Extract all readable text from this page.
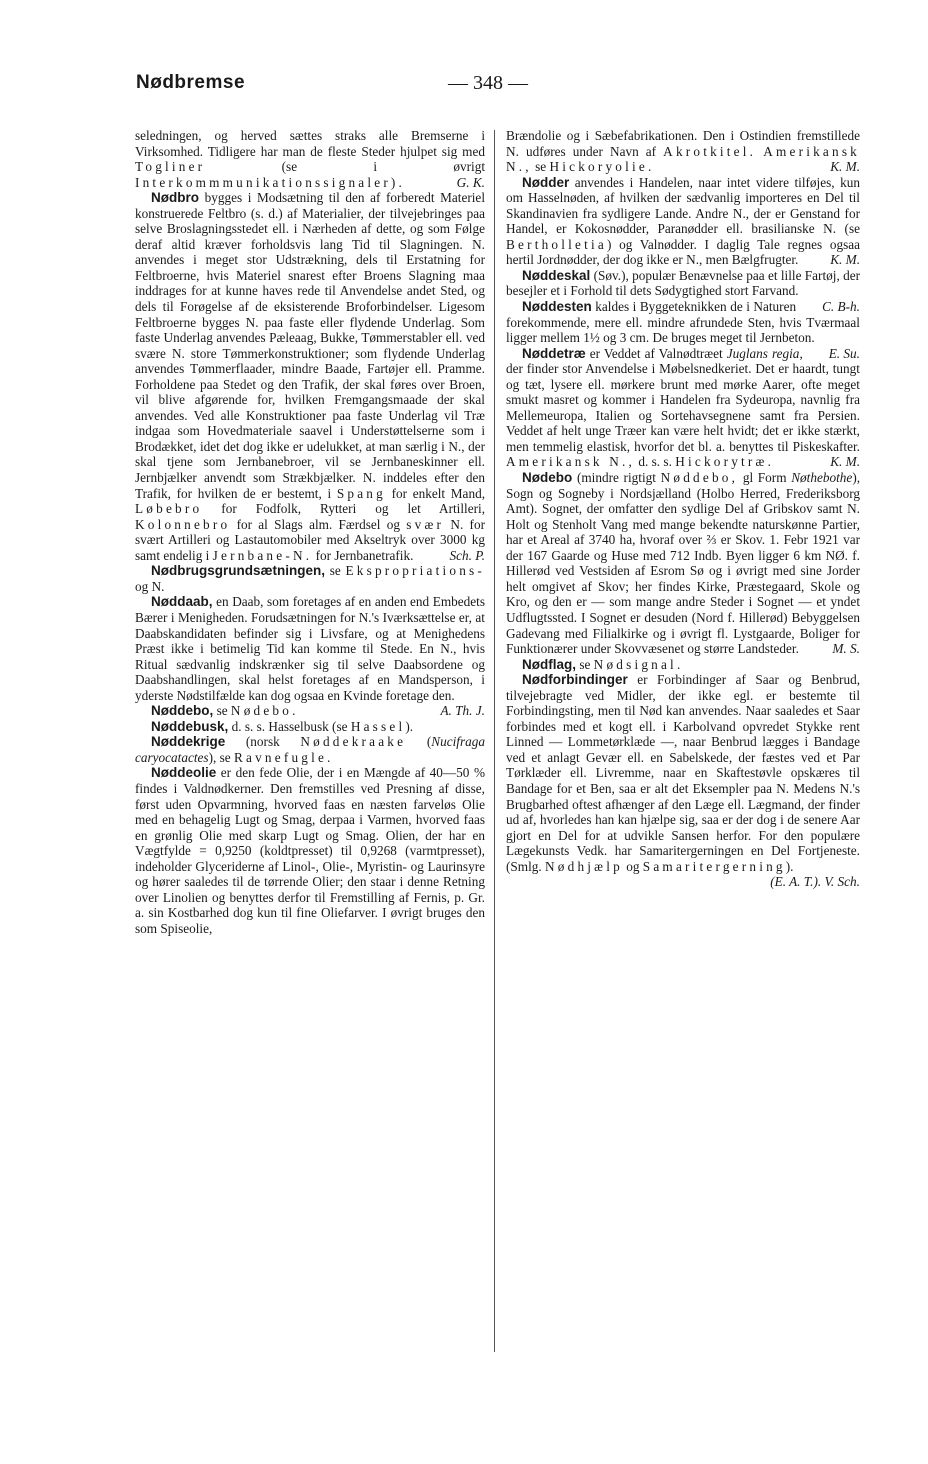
Nødbremse	— 348 —

seledningen, og herved sættes straks alle Bremserne i Virksomhed. Tidligere har man de fleste Steder hjulpet sig med Togliner	(se i øvrigt Interkommmunikationssignaler).	G. K.

Nødbro bygges i Modsætning til den af forberedt Materiel konstruerede Feltbro (s. d.) af Materialier, der tilvejebringes paa selve Broslagningsstedet ell. i Nærheden af dette, og som Følge deraf altid kræver forholdsvis lang Tid til Slagningen. N. anvendes i meget stor Udstrækning, dels til Erstatning for Feltbroerne, hvis Materiel snarest efter Broens Slagning maa inddrages for at kunne haves rede til Anvendelse andet Sted, og dels til Forøgelse af de eksisterende Broforbindelser. Ligesom Feltbroerne bygges N. paa faste eller flydende Underlag. Som faste Underlag anvendes Pæleaag, Bukke, Tømmerstabler ell. ved svære N. store Tømmerkonstruktioner; som flydende Underlag anvendes Tømmerflaader, mindre Baade, Fartøjer ell. Pramme. Forholdene paa Stedet og den Trafik, der skal føres over Broen, vil blive afgørende for, hvilken Fremgangsmaade der skal anvendes. Ved alle Konstruktioner paa faste Underlag vil Træ indgaa som Hovedmateriale saavel i Understøttelserne som i Brodækket, idet det dog ikke er udelukket, at man særlig i N., der skal tjene som Jernbanebroer, vil se Jernbaneskinner ell. Jernbjælker anvendt som Strækbjælker. N. inddeles efter den Trafik, for hvilken de er bestemt, i Spang for enkelt Mand, Løbebro for Fodfolk, Rytteri og let Artilleri, Kolonnebro for al Slags alm. Færdsel og svær N. for svært Artilleri og Lastautomobiler med Akseltryk over 3000 kg samt endelig i Jernbane-N. for Jernbanetrafik.	Sch. P.

Nødbrugsgrundsætningen, se Ekspropriations- og N.

Nøddaab, en Daab, som foretages af en anden end Embedets Bærer i Menigheden. Forudsætningen for N.'s Iværksættelse er, at Daabskandidaten befinder sig i Livsfare, og at Menighedens Præst ikke i betimelig Tid kan komme til Stede. En N., hvis Ritual sædvanlig indskrænker sig til selve Daabsordene og Daabshandlingen, skal helst foretages af en Mandsperson, i yderste Nødstilfælde kan dog ogsaa en Kvinde foretage den.
A. Th. J.

Nøddebo, se Nødebo.

Nøddebusk, d. s. s. Hasselbusk (se Hassel).

Nøddekrige (norsk Nøddekraake (Nucifraga caryocatactes), se Ravnefugle.

Nøddeolie er den fede Olie, der i en Mængde af 40—50 % findes i Valdnødkerner. Den fremstilles ved Presning af disse, først uden Opvarmning, hvorved faas en næsten farveløs Olie med en behagelig Lugt og Smag, derpaa i Varmen, hvorved faas en grønlig Olie med skarp Lugt og Smag. Olien, der har en Vægtfylde = 0,9250 (koldtpresset) til 0,9268 (varmtpresset), indeholder Glyceriderne af Linol-, Olie-, Myristin- og Laurinsyre og hører saaledes til de tørrende Olier; den staar i denne Retning over Linolien og benyttes derfor til Fremstilling af Fernis, p. Gr. a. sin Kostbarhed dog kun til fine Oliefarver. I øvrigt bruges den som Spiseolie,

Brændolie og i Sæbefabrikationen. Den i Ostindien fremstillede N. udføres under Navn af Akrotkitel. Amerikansk N., se Hickoryolie.	K. M.

Nødder anvendes i Handelen, naar intet videre tilføjes, kun om Hasselnøden, af hvilken der sædvanlig importeres en Del til Skandinavien fra sydligere Lande. Andre N., der er Genstand for Handel, er Kokosnødder, Paranødder ell. brasilianske N. (se Bertholletia) og Valnødder. I daglig Tale regnes ogsaa hertil Jordnødder, der dog ikke er N., men Bælgfrugter.	K. M.

Nøddeskal (Søv.), populær Benævnelse paa et lille Fartøj, der besejler et i Forhold til dets Sødygtighed stort Farvand.
C. B-h.

Nøddesten kaldes i Byggeteknikken de i Naturen forekommende, mere ell. mindre afrundede Sten, hvis Tværmaal ligger mellem 1½ og 3 cm. De bruges meget til Jernbeton.
E. Su.

Nøddetræ er Veddet af Valnødtræet Juglans regia, der finder stor Anvendelse i Møbelsnedkeriet. Det er haardt, tungt og tæt, lysere ell. mørkere brunt med mørke Aarer, ofte meget smukt masret og kommer i Handelen fra Sydeuropa, navnlig fra Mellemeuropa, Italien og Sortehavsegnene samt fra Persien. Veddet af helt unge Træer kan være helt hvidt; det er ikke stærkt, men temmelig elastisk, hvorfor det bl. a. benyttes til Piskeskafter. Amerikansk N., d. s. s. Hickorytræ.	K. M.

Nødebo (mindre rigtigt Nøddebo, gl Form Nøthebothe), Sogn og Sogneby i Nordsjælland (Holbo Herred, Frederiksborg Amt). Sognet, der omfatter den sydlige Del af Gribskov samt N. Holt og Stenholt Vang med mange bekendte naturskønne Partier, har et Areal af 3740 ha, hvoraf over ⅔ er Skov. 1. Febr 1921 var der 167 Gaarde og Huse med 712 Indb. Byen ligger 6 km NØ. f. Hillerød ved Vestsiden af Esrom Sø og i øvrigt med sine Jorder helt omgivet af Skov; her findes Kirke, Præstegaard, Skole og Kro, og den er — som mange andre Steder i Sognet — et yndet Udflugtssted. I Sognet er desuden (Nord f. Hillerød) Bebyggelsen Gadevang med Filialkirke og i øvrigt fl. Lystgaarde, Boliger for Funktionærer under Skovvæsenet og større Landsteder.	M. S.

Nødflag, se Nødsignal.

Nødforbindinger er Forbindinger af Saar og Benbrud, tilvejebragte ved Midler, der ikke egl. er bestemte til Forbindingsting, men til Nød kan anvendes. Naar saaledes et Saar forbindes med et kogt ell. i Karbolvand opvredet Stykke rent Linned — Lommetørklæde —, naar Benbrud lægges i Bandage ved et anlagt Gevær ell. en Sabelskede, der fæstes ved et Par Tørklæder ell. Livremme, naar en Skaftestøvle opskæres til Bandage for et Ben, saa er alt det Eksempler paa N. Medens N.'s Brugbarhed oftest afhænger af den Læge ell. Lægmand, der finder ud af, hvorledes han kan hjælpe sig, saa er der dog i de senere Aar gjort en Del for at udvikle Sansen herfor. For den populære Lægekunsts Vedk. har Samaritergerningen en Del Fortjeneste. (Smlg. Nødhjælp og Samaritergerning).
(E. A. T.). V. Sch.
